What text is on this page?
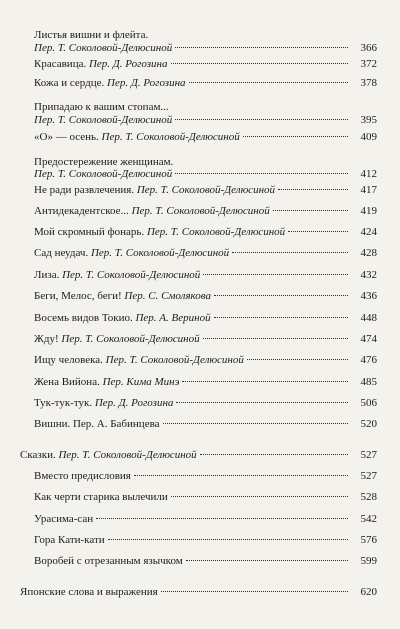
Листья вишни и флейта.
Пер. Т. Соколовой-Делюсиной	366
Красавица. Пер. Д. Рогозина	372
Кожа и сердце. Пер. Д. Рогозина	378
Припадаю к вашим стопам...
Пер. Т. Соколовой-Делюсиной	395
«О» — осень. Пер. Т. Соколовой-Делюсиной	409
Предостережение женщинам.
Пер. Т. Соколовой-Делюсиной	412
Не ради развлечения. Пер. Т. Соколовой-Делюсиной	417
Антидекадентское... Пер. Т. Соколовой-Делюсиной	419
Мой скромный фонарь. Пер. Т. Соколовой-Делюсиной	424
Сад неудач. Пер. Т. Соколовой-Делюсиной	428
Лиза. Пер. Т. Соколовой-Делюсиной	432
Беги, Мелос, беги! Пер. С. Смолякова	436
Восемь видов Токио. Пер. А. Вериной	448
Жду! Пер. Т. Соколовой-Делюсиной	474
Ищу человека. Пер. Т. Соколовой-Делюсиной	476
Жена Вийона. Пер. Кима Минэ	485
Тук-тук-тук. Пер. Д. Рогозина	506
Вишни. Пер. А. Бабинцева	520
Сказки. Пер. Т. Соколовой-Делюсиной	527
Вместо предисловия	527
Как черти старика вылечили	528
Урасима-сан	542
Гора Кати-кати	576
Воробей с отрезанным язычком	599
Японские слова и выражения	620
